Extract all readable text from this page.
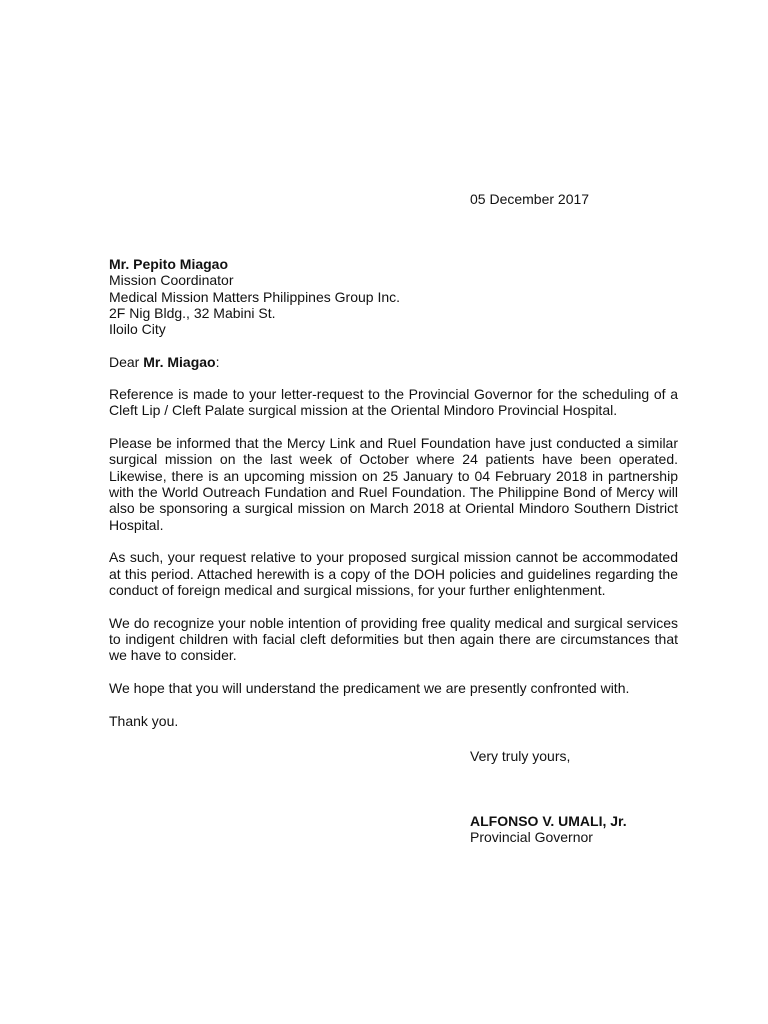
05 December 2017
Mr. Pepito Miagao
Mission Coordinator
Medical Mission Matters Philippines Group Inc.
2F Nig Bldg., 32 Mabini St.
Iloilo City
Dear Mr. Miagao:

Reference is made to your letter-request to the Provincial Governor for the scheduling of a Cleft Lip / Cleft Palate surgical mission at the Oriental Mindoro Provincial Hospital.

Please be informed that the Mercy Link and Ruel Foundation have just conducted a similar surgical mission on the last week of October where 24 patients have been operated. Likewise, there is an upcoming mission on 25 January to 04 February 2018 in partnership with the World Outreach Fundation and Ruel Foundation. The Philippine Bond of Mercy will also be sponsoring a surgical mission on March 2018 at Oriental Mindoro Southern District Hospital.

As such, your request relative to your proposed surgical mission cannot be accommodated at this period. Attached herewith is a copy of the DOH policies and guidelines regarding the conduct of foreign medical and surgical missions, for your further enlightenment.

We do recognize your noble intention of providing free quality medical and surgical services to indigent children with facial cleft deformities but then again there are circumstances that we have to consider.

We hope that you will understand the predicament we are presently confronted with.

Thank you.

Very truly yours,
ALFONSO V. UMALI, Jr.
Provincial Governor
